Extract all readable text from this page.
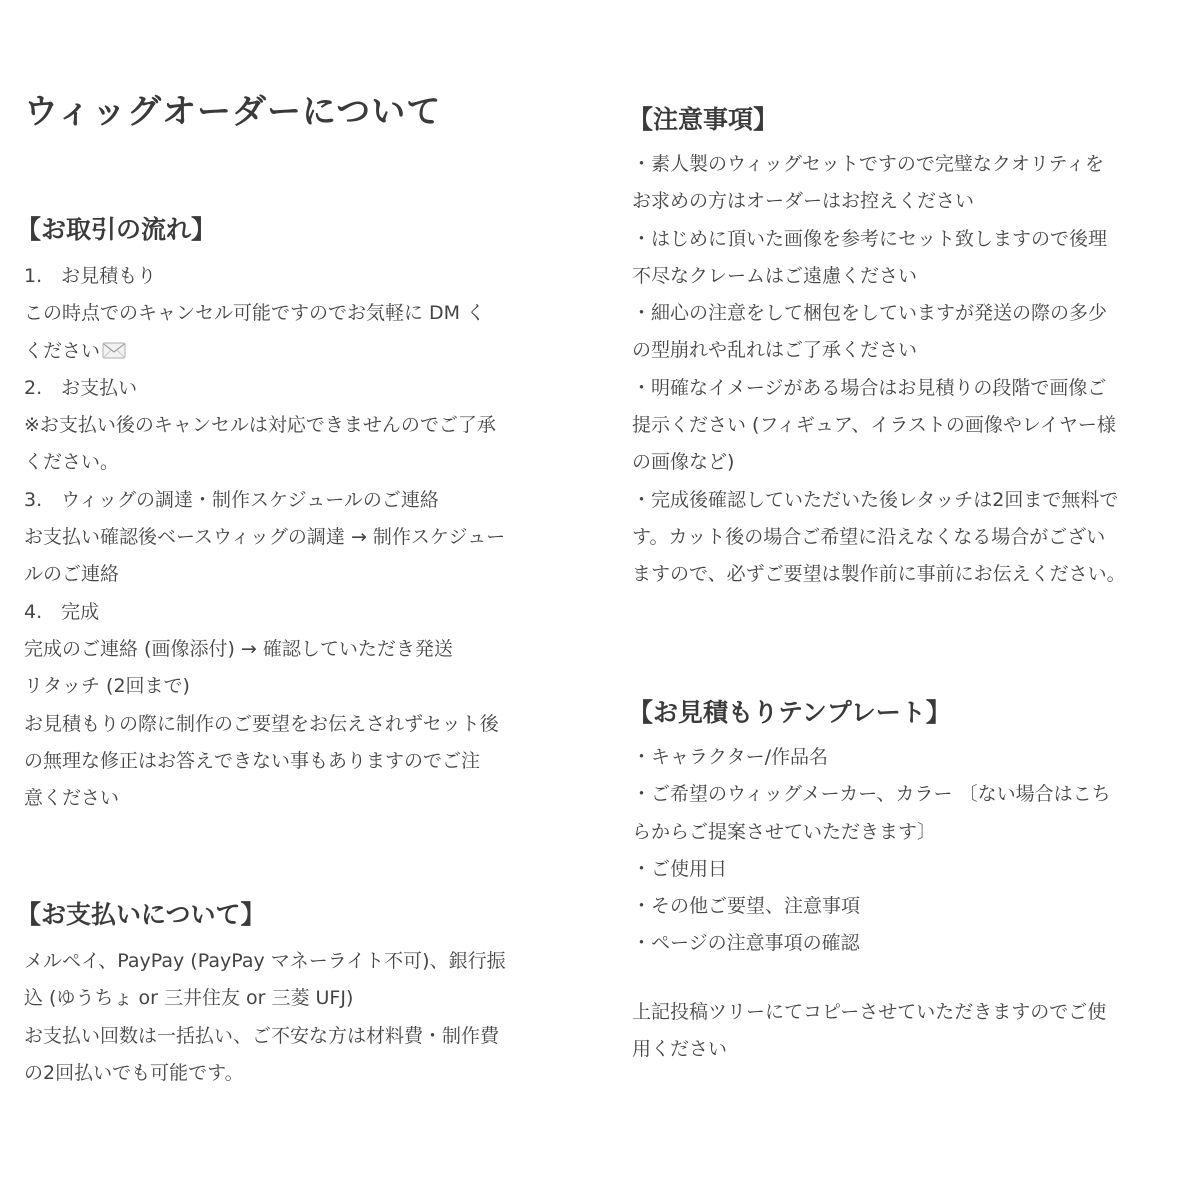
ウィッグオーダーについて
【お取引の流れ】
1.　お見積もり
この時点でのキャンセル可能ですのでお気軽に DM く
ください
2.　お支払い
※お支払い後のキャンセルは対応できませんのでご了承
ください。
3.　ウィッグの調達・制作スケジュールのご連絡
お支払い確認後ベースウィッグの調達 → 制作スケジュー
ルのご連絡
4.　完成
完成のご連絡 (画像添付) → 確認していただき発送
リタッチ (2回まで)
お見積もりの際に制作のご要望をお伝えされずセット後
の無理な修正はお答えできない事もありますのでご注
意ください
【お支払いについて】
メルペイ、PayPay (PayPay マネーライト不可)、銀行振
込 (ゆうちょ or 三井住友 or 三菱 UFJ)
お支払い回数は一括払い、ご不安な方は材料費・制作費
の2回払いでも可能です。
【注意事項】
・素人製のウィッグセットですので完璧なクオリティを
お求めの方はオーダーはお控えください
・はじめに頂いた画像を参考にセット致しますので後理
不尽なクレームはご遠慮ください
・細心の注意をして梱包をしていますが発送の際の多少
の型崩れや乱れはご了承ください
・明確なイメージがある場合はお見積りの段階で画像ご
提示ください (フィギュア、イラストの画像やレイヤー様
の画像など)
・完成後確認していただいた後レタッチは2回まで無料で
す。カット後の場合ご希望に沿えなくなる場合がござい
ますので、必ずご要望は製作前に事前にお伝えください。
【お見積もりテンプレート】
・キャラクター/作品名
・ご希望のウィッグメーカー、カラー 〔ない場合はこち
らからご提案させていただきます〕
・ご使用日
・その他ご要望、注意事項
・ページの注意事項の確認
上記投稿ツリーにてコピーさせていただきますのでご使
用ください
